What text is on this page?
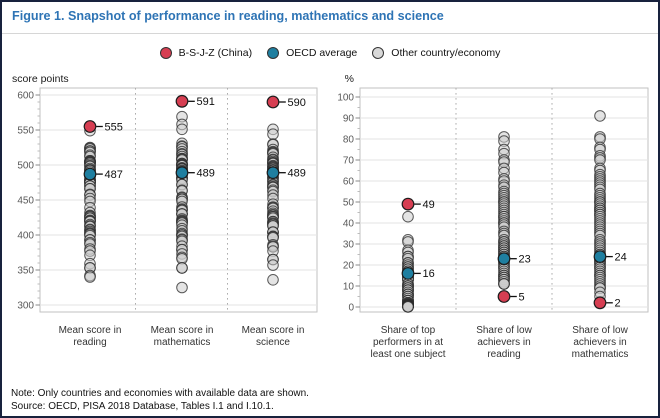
Figure 1. Snapshot of performance in reading, mathematics and science
B-S-J-Z (China)	OECD average	Other country/economy
300
350
400
450
500
550
600
score points
555
487
Mean score in
reading
591
489
Mean score in
mathematics
590
489
Mean score in
science
0
10
20
30
40
50
60
70
80
90
100
%
49
16
Share of top
performers in at
least one subject
23
5
Share of low
achievers in
reading
24
2
Share of low
achievers in
mathematics
Note: Only countries and economies with available data are shown.
Source: OECD, PISA 2018 Database, Tables I.1 and I.10.1.
